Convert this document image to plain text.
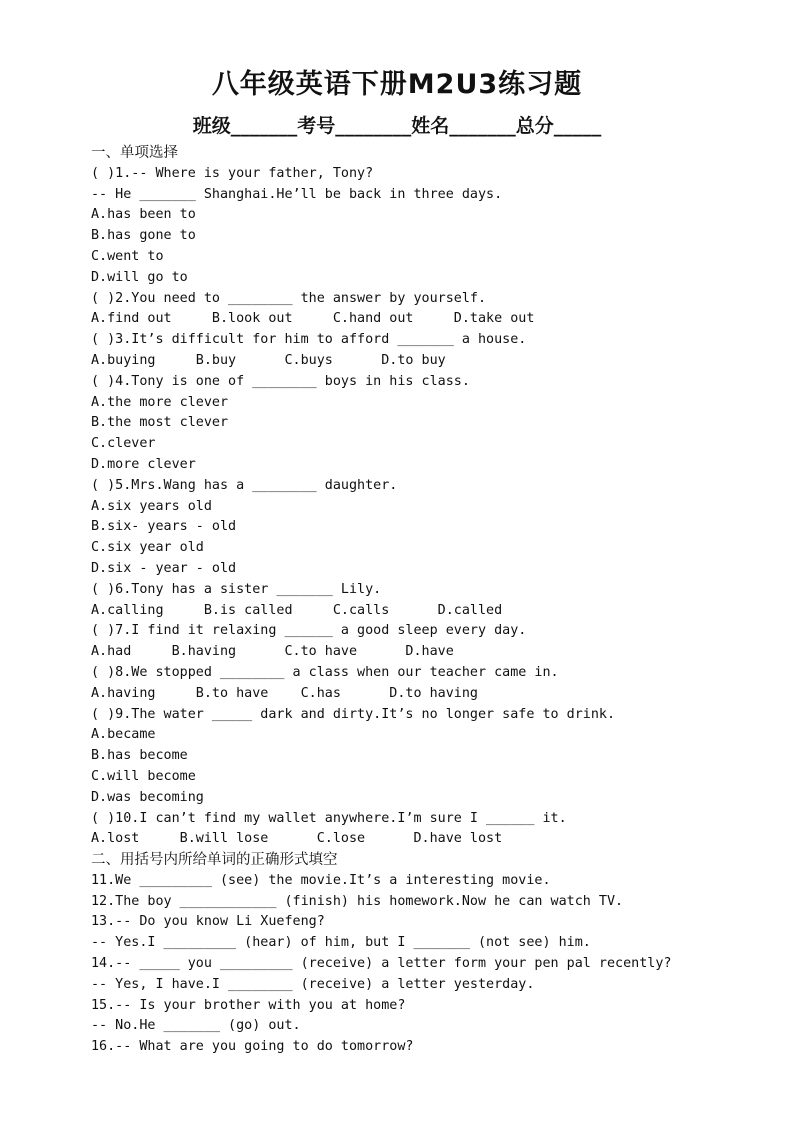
八年级英语下册M2U3练习题
班级_______考号________姓名_______总分_____
一、单项选择
( )1.-- Where is your father, Tony?
-- He _______ Shanghai.He’ll be back in three days.
A.has been to
B.has gone to
C.went to
D.will go to
( )2.You need to ________ the answer by yourself.
A.find out     B.look out     C.hand out     D.take out
( )3.It’s difficult for him to afford _______ a house.
A.buying     B.buy      C.buys      D.to buy
( )4.Tony is one of ________ boys in his class.
A.the more clever
B.the most clever
C.clever
D.more clever
( )5.Mrs.Wang has a ________ daughter.
A.six years old
B.six- years - old
C.six year old
D.six - year - old
( )6.Tony has a sister _______ Lily.
A.calling     B.is called     C.calls      D.called
( )7.I find it relaxing ______ a good sleep every day.
A.had     B.having      C.to have      D.have
( )8.We stopped ________ a class when our teacher came in.
A.having     B.to have    C.has      D.to having
( )9.The water _____ dark and dirty.It’s no longer safe to drink.
A.became
B.has become
C.will become
D.was becoming
( )10.I can’t find my wallet anywhere.I’m sure I ______ it.
A.lost     B.will lose      C.lose      D.have lost
二、用括号内所给单词的正确形式填空
11.We _________ (see) the movie.It’s a interesting movie.
12.The boy ____________ (finish) his homework.Now he can watch TV.
13.-- Do you know Li Xuefeng?
-- Yes.I _________ (hear) of him, but I _______ (not see) him.
14.-- _____ you _________ (receive) a letter form your pen pal recently?
-- Yes, I have.I ________ (receive) a letter yesterday.
15.-- Is your brother with you at home?
-- No.He _______ (go) out.
16.-- What are you going to do tomorrow?
